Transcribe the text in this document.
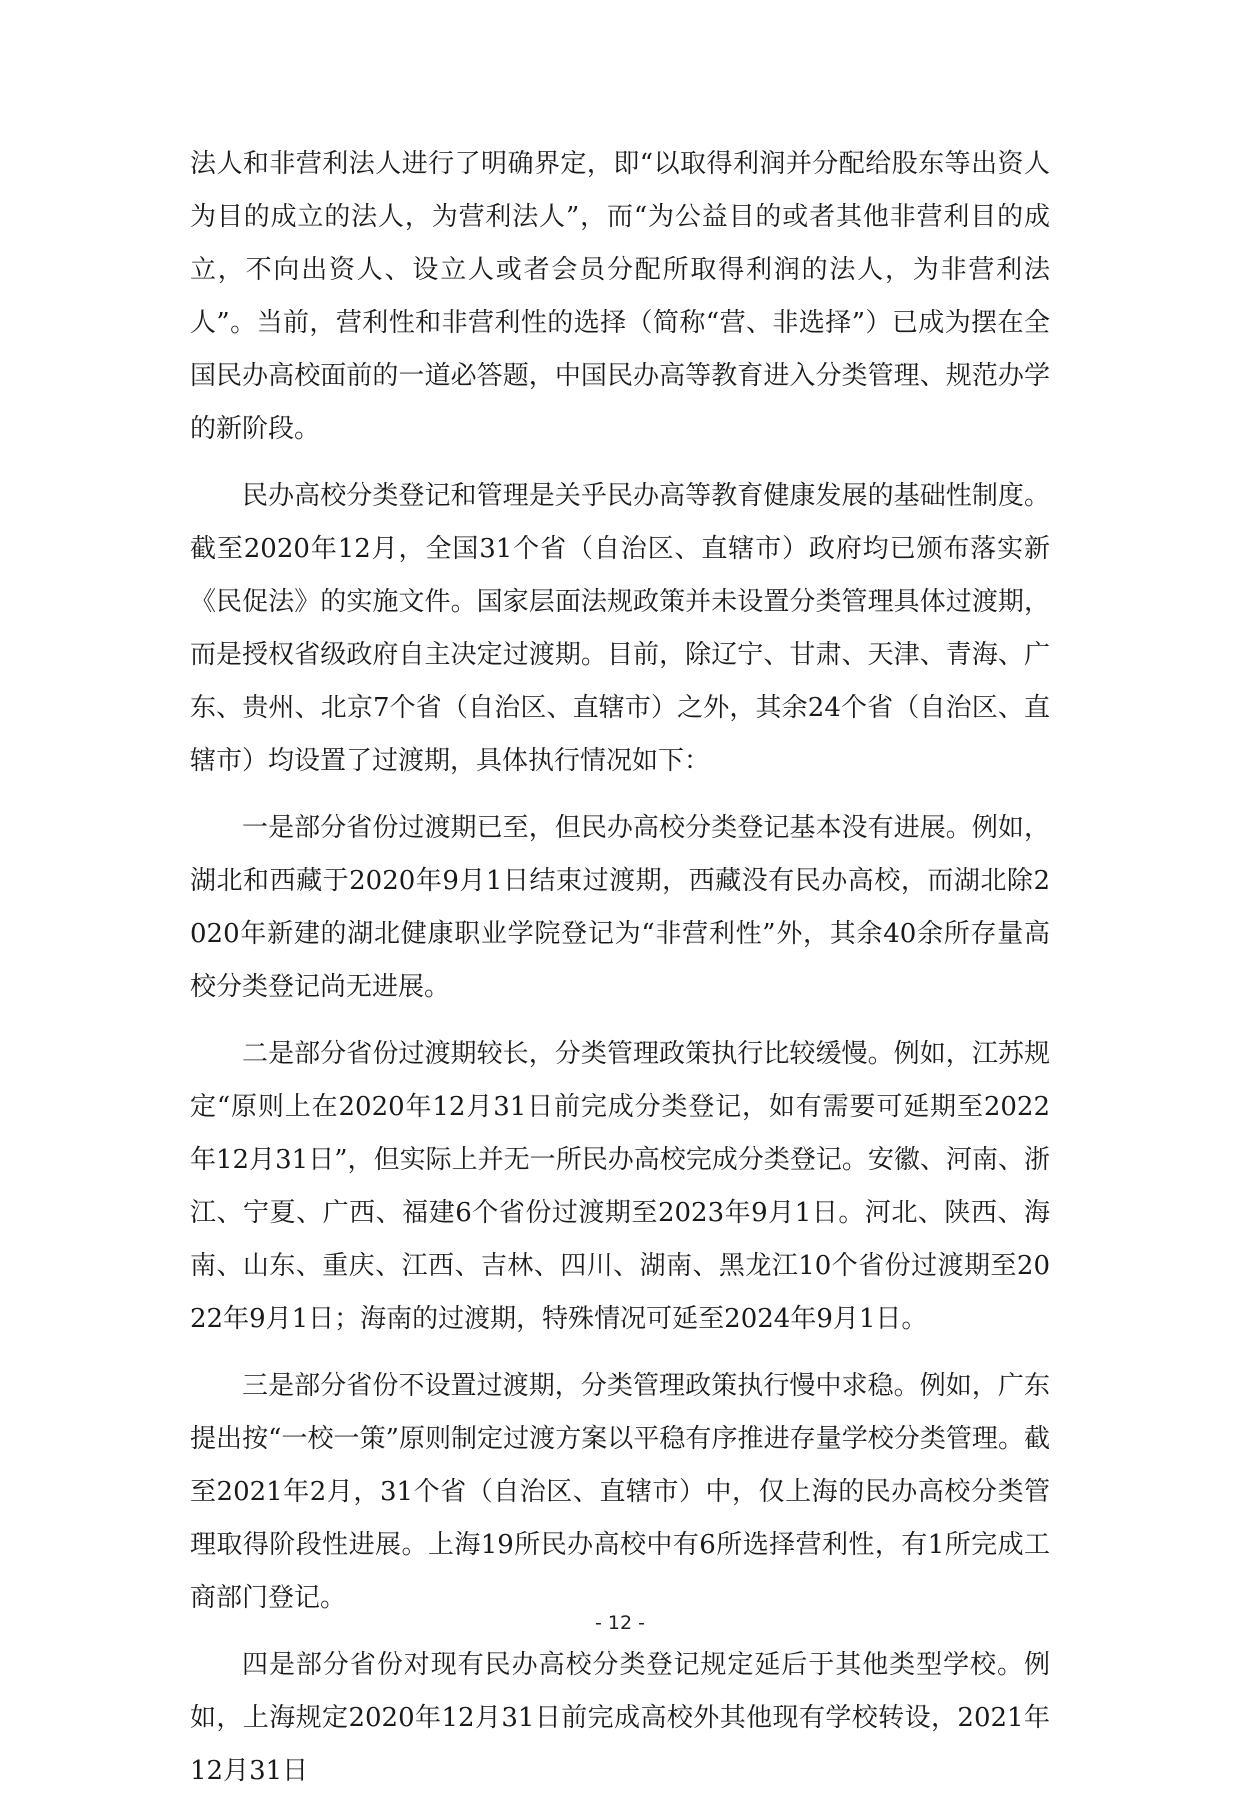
法人和非营利法人进行了明确界定，即“以取得利润并分配给股东等出资人为目的成立的法人，为营利法人”，而“为公益目的或者其他非营利目的成立，不向出资人、设立人或者会员分配所取得利润的法人，为非营利法人”。当前，营利性和非营利性的选择（简称“营、非选择”）已成为摆在全国民办高校面前的一道必答题，中国民办高等教育进入分类管理、规范办学的新阶段。

民办高校分类登记和管理是关乎民办高等教育健康发展的基础性制度。截至2020年12月，全国31个省（自治区、直辖市）政府均已颁布落实新《民促法》的实施文件。国家层面法规政策并未设置分类管理具体过渡期，而是授权省级政府自主决定过渡期。目前，除辽宁、甘肃、天津、青海、广东、贵州、北京7个省（自治区、直辖市）之外，其余24个省（自治区、直辖市）均设置了过渡期，具体执行情况如下：

一是部分省份过渡期已至，但民办高校分类登记基本没有进展。例如，湖北和西藏于2020年9月1日结束过渡期，西藏没有民办高校，而湖北除2020年新建的湖北健康职业学院登记为“非营利性”外，其余40余所存量高校分类登记尚无进展。

二是部分省份过渡期较长，分类管理政策执行比较缓慢。例如，江苏规定“原则上在2020年12月31日前完成分类登记，如有需要可延期至2022年12月31日”，但实际上并无一所民办高校完成分类登记。安徽、河南、浙江、宁夏、广西、福建6个省份过渡期至2023年9月1日。河北、陕西、海南、山东、重庆、江西、吉林、四川、湖南、黑龙江10个省份过渡期至2022年9月1日；海南的过渡期，特殊情况可延至2024年9月1日。

三是部分省份不设置过渡期，分类管理政策执行慢中求稳。例如，广东提出按“一校一策”原则制定过渡方案以平稳有序推进存量学校分类管理。截至2021年2月，31个省（自治区、直辖市）中，仅上海的民办高校分类管理取得阶段性进展。上海19所民办高校中有6所选择营利性，有1所完成工商部门登记。

四是部分省份对现有民办高校分类登记规定延后于其他类型学校。例如，上海规定2020年12月31日前完成高校外其他现有学校转设，2021年12月31日

- 12 -
